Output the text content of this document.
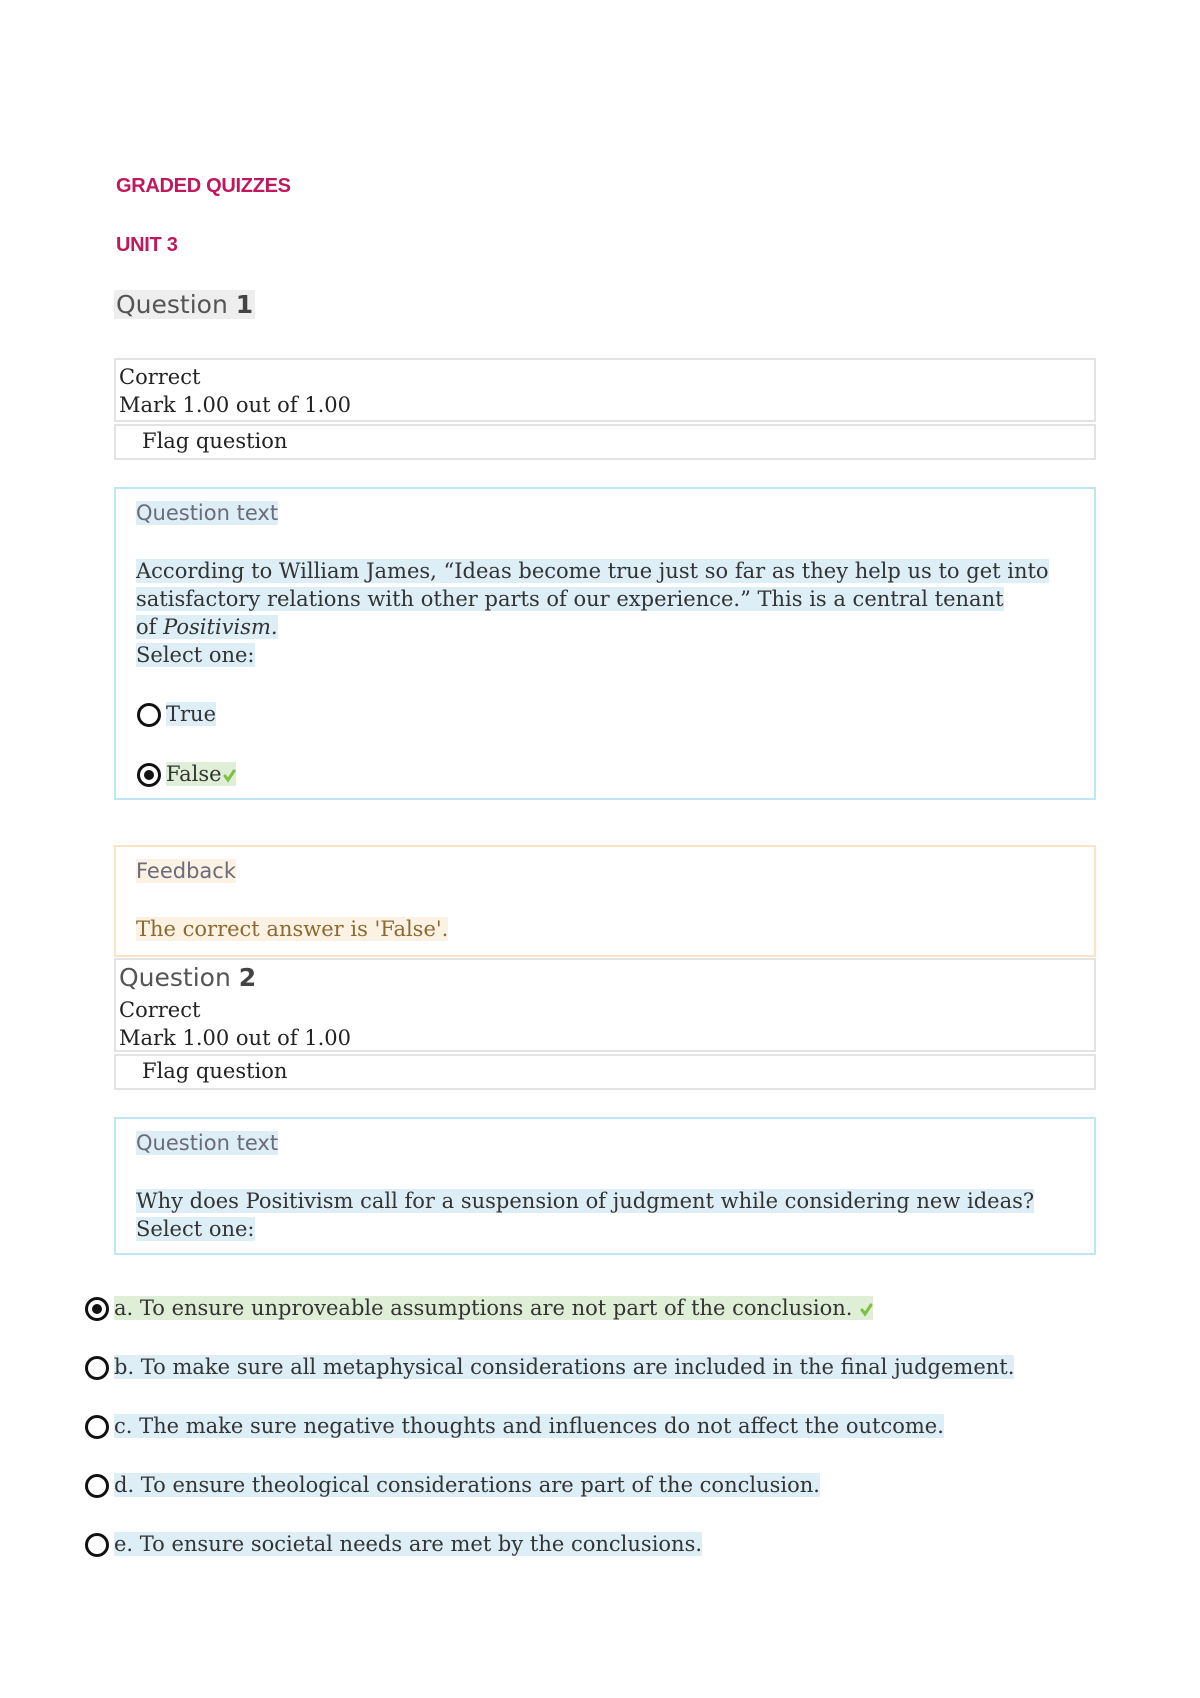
GRADED QUIZZES
UNIT 3
Question 1
Correct
Mark 1.00 out of 1.00
Flag question
Question text
According to William James, “Ideas become true just so far as they help us to get into
satisfactory relations with other parts of our experience.” This is a central tenant
of Positivism.
Select one:
True
False
Feedback
The correct answer is 'False'.
Question 2
Correct
Mark 1.00 out of 1.00
Flag question
Question text
Why does Positivism call for a suspension of judgment while considering new ideas?
Select one:
a. To ensure unproveable assumptions are not part of the conclusion.
b. To make sure all metaphysical considerations are included in the final judgement.
c. The make sure negative thoughts and influences do not affect the outcome.
d. To ensure theological considerations are part of the conclusion.
e. To ensure societal needs are met by the conclusions.
